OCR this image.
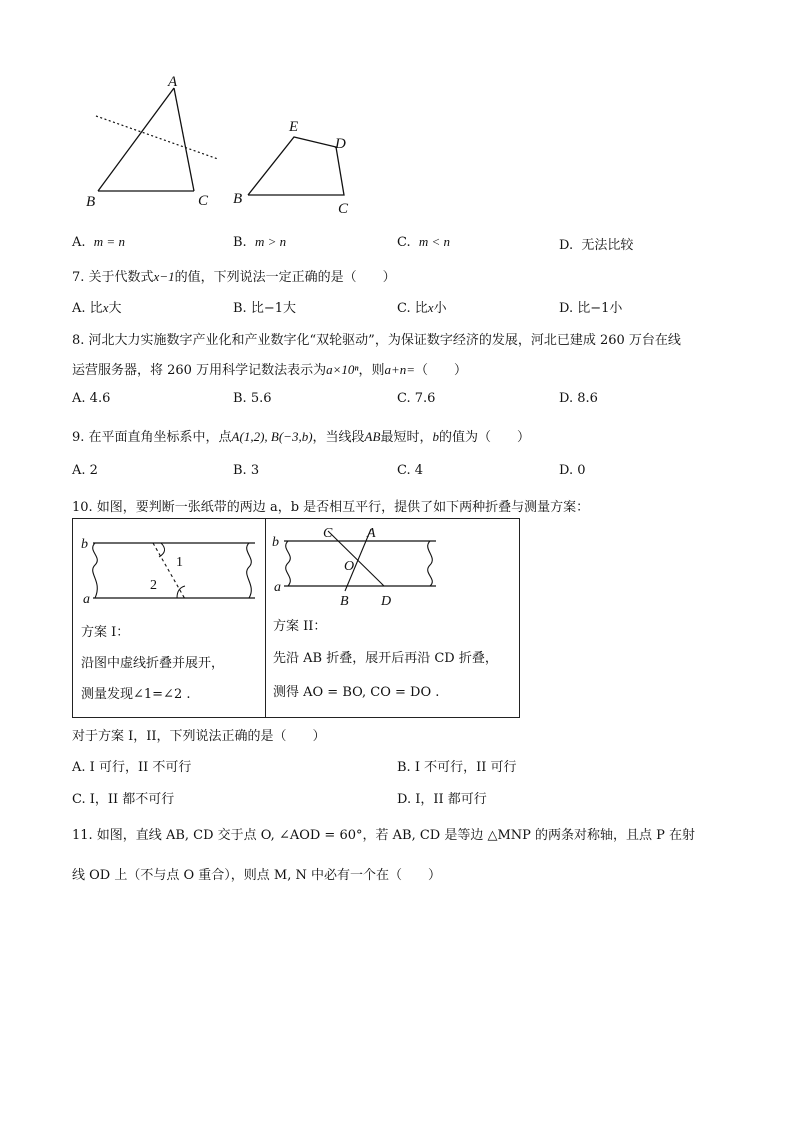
A
B	C
E
D
B
C
A. m = n	B. m > n	C. m < n	D. 无法比较
7. 关于代数式x−1的值，下列说法一定正确的是（　　）
A. 比x大	B. 比−1大	C. 比x小	D. 比−1小
8. 河北大力实施数字产业化和产业数字化“双轮驱动”，为保证数字经济的发展，河北已建成 260 万台在线
运营服务器，将 260 万用科学记数法表示为a×10ⁿ，则a+n=（　　）
A. 4.6	B. 5.6	C. 7.6	D. 8.6
9. 在平面直角坐标系中，点A(1,2), B(−3,b)，当线段AB最短时，b的值为（　　）
A. 2	B. 3	C. 4	D. 0
10. 如图，要判断一张纸带的两边 a，b 是否相互平行，提供了如下两种折叠与测量方案：
b
a
1
2
方案 I：
沿图中虚线折叠并展开，
测量发现∠1=∠2 .
b
a
C A
O
B D
方案 II：
先沿 AB 折叠，展开后再沿 CD 折叠，
测得 AO = BO, CO = DO .
对于方案 I，II，下列说法正确的是（　　）
A. I 可行，II 不可行	B. I 不可行，II 可行
C. I，II 都不可行	D. I，II 都可行
11. 如图，直线 AB, CD 交于点 O, ∠AOD = 60°，若 AB, CD 是等边 △MNP 的两条对称轴，且点 P 在射
线 OD 上（不与点 O 重合），则点 M, N 中必有一个在（　　）
